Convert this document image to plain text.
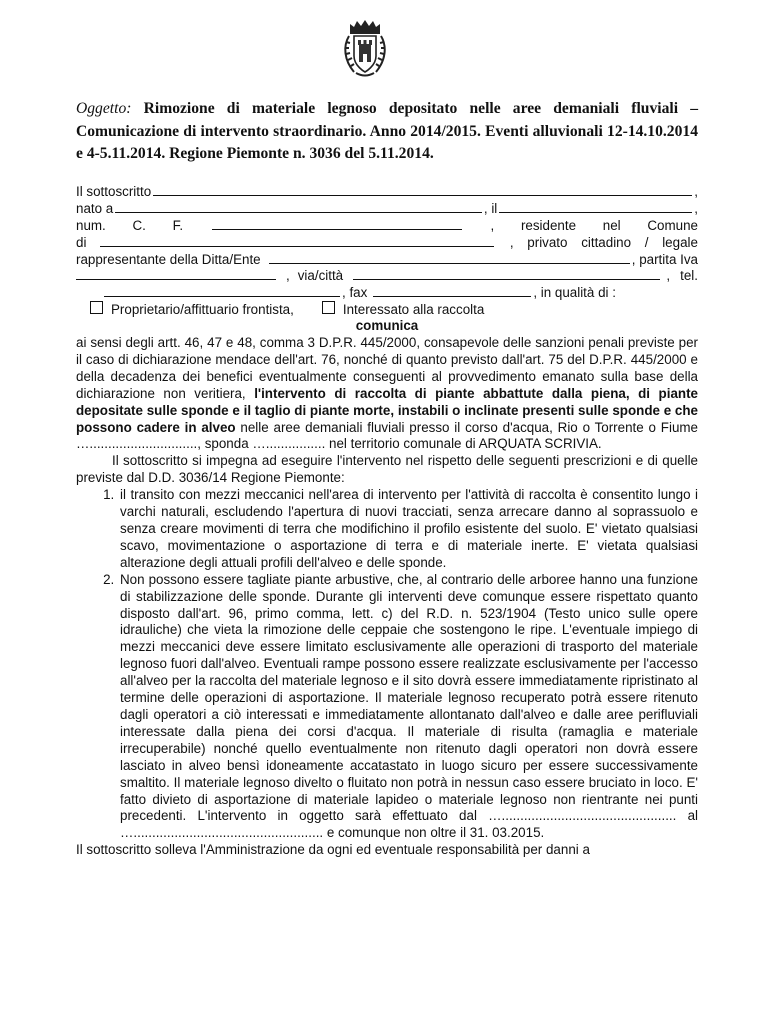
Oggetto: Rimozione di materiale legnoso depositato nelle aree demaniali fluviali – Comunicazione di intervento straordinario. Anno 2014/2015. Eventi alluvionali 12-14.10.2014 e 4-5.11.2014. Regione Piemonte n. 3036 del 5.11.2014.
Il sottoscritto	,
nato a	, il	,
num. C. F.	, residente nel Comune
di	, privato cittadino / legale
rappresentante della Ditta/Ente	, partita Iva
, via/città	, tel.
, fax	, in qualità di :
Proprietario/affittuario frontista,	Interessato alla raccolta
comunica

ai sensi degli artt. 46, 47 e 48, comma 3 D.P.R. 445/2000, consapevole delle sanzioni penali previste per il caso di dichiarazione mendace dell'art. 76, nonché di quanto previsto dall'art. 75 del D.P.R. 445/2000 e della decadenza dei benefici eventualmente conseguenti al provvedimento emanato sulla base della dichiarazione non veritiera, l'intervento di raccolta di piante abbattute dalla piena, di piante depositate sulle sponde e il taglio di piante morte, instabili o inclinate presenti sulle sponde e che possono cadere in alveo nelle aree demaniali fluviali presso il corso d'acqua, Rio o Torrente o Fiume …............................., sponda …................ nel territorio comunale di ARQUATA SCRIVIA.

Il sottoscritto si impegna ad eseguire l'intervento nel rispetto delle seguenti prescrizioni e di quelle previste dal D.D. 3036/14 Regione Piemonte:

1. il transito con mezzi meccanici nell'area di intervento per l'attività di raccolta è consentito lungo i varchi naturali, escludendo l'apertura di nuovi tracciati, senza arrecare danno al soprassuolo e senza creare movimenti di terra che modifichino il profilo esistente del suolo. E' vietato qualsiasi scavo, movimentazione o asportazione di terra e di materiale inerte. E' vietata qualsiasi alterazione degli attuali profili dell'alveo e delle sponde.
2. Non possono essere tagliate piante arbustive, che, al contrario delle arboree hanno una funzione di stabilizzazione delle sponde. Durante gli interventi deve comunque essere rispettato quanto disposto dall'art. 96, primo comma, lett. c) del R.D. n. 523/1904 (Testo unico sulle opere idrauliche) che vieta la rimozione delle ceppaie che sostengono le ripe. L'eventuale impiego di mezzi meccanici deve essere limitato esclusivamente alle operazioni di trasporto del materiale legnoso fuori dall'alveo. Eventuali rampe possono essere realizzate esclusivamente per l'accesso all'alveo per la raccolta del materiale legnoso e il sito dovrà essere immediatamente ripristinato al termine delle operazioni di asportazione. Il materiale legnoso recuperato potrà essere ritenuto dagli operatori a ciò interessati e immediatamente allontanato dall'alveo e dalle aree perifluviali interessate dalla piena dei corsi d'acqua. Il materiale di risulta (ramaglia e materiale irrecuperabile) nonché quello eventualmente non ritenuto dagli operatori non dovrà essere lasciato in alveo bensì idoneamente accatastato in luogo sicuro per essere successivamente smaltito. Il materiale legnoso divelto o fluitato non potrà in nessun caso essere bruciato in loco. E' fatto divieto di asportazione di materiale lapideo o materiale legnoso non rientrante nei punti precedenti. L'intervento in oggetto sarà effettuato dal …............................................... al …................................................... e comunque non oltre il 31. 03.2015.

Il sottoscritto solleva l'Amministrazione da ogni ed eventuale responsabilità per danni a
